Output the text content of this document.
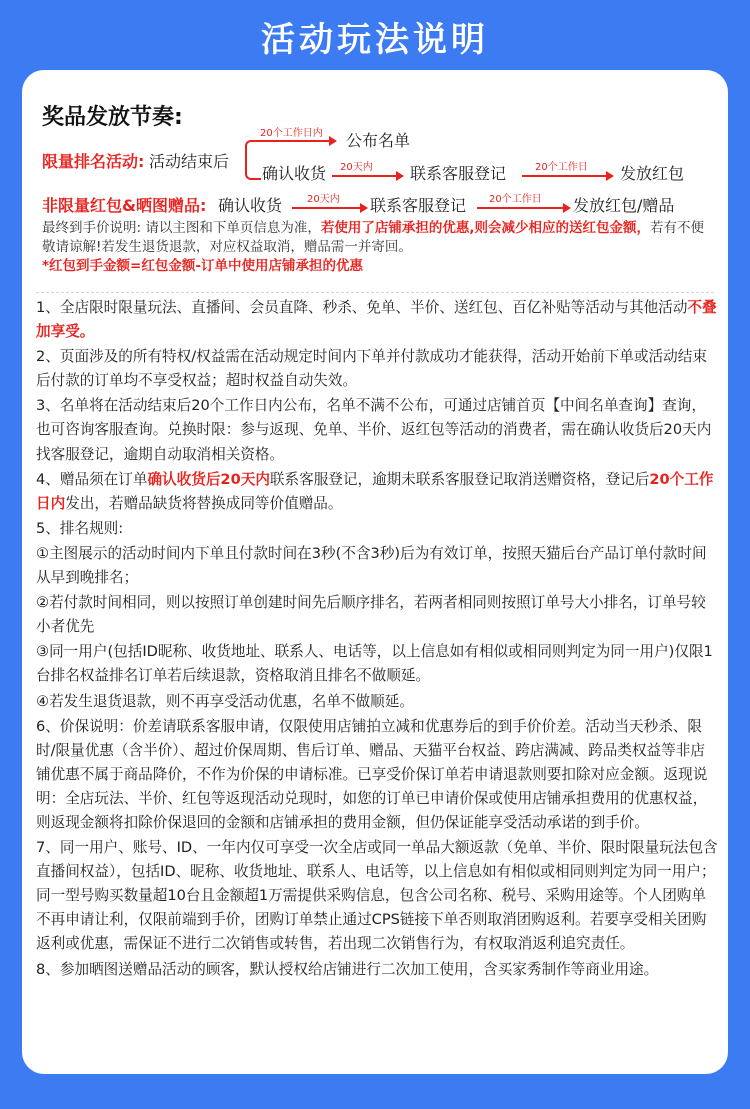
活动玩法说明
奖品发放节奏:
限量排名活动: 活动结束后
20个工作日内 公布名单
确认收货 20天内 联系客服登记	20个工作日 发放红包
非限量红包&晒图赠品: 确认收货 20天内 联系客服登记 20个工作日 发放红包/赠品
最终到手价说明: 请以主图和下单页信息为准，若使用了店铺承担的优惠,则会减少相应的送红包金额，若有不便敬请谅解!若发生退货退款，对应权益取消，赠品需一并寄回。
*红包到手金额=红包金额-订单中使用店铺承担的优惠

1、全店限时限量玩法、直播间、会员直降、秒杀、免单、半价、送红包、百亿补贴等活动与其他活动不叠加享受。

2、页面涉及的所有特权/权益需在活动规定时间内下单并付款成功才能获得，活动开始前下单或活动结束后付款的订单均不享受权益；超时权益自动失效。

3、名单将在活动结束后20个工作日内公布，名单不满不公布，可通过店铺首页【中间名单查询】查询，也可咨询客服查询。兑换时限：参与返现、免单、半价、返红包等活动的消费者，需在确认收货后20天内找客服登记，逾期自动取消相关资格。

4、赠品须在订单确认收货后20天内联系客服登记，逾期未联系客服登记取消送赠资格，登记后20个工作日内发出，若赠品缺货将替换成同等价值赠品。

5、排名规则:

①主图展示的活动时间内下单且付款时间在3秒(不含3秒)后为有效订单，按照天猫后台产品订单付款时间从早到晚排名；

②若付款时间相同，则以按照订单创建时间先后顺序排名，若两者相同则按照订单号大小排名，订单号较小者优先

③同一用户(包括ID昵称、收货地址、联系人、电话等，以上信息如有相似或相同则判定为同一用户)仅限1台排名权益排名订单若后续退款，资格取消且排名不做顺延。

④若发生退货退款，则不再享受活动优惠，名单不做顺延。

6、价保说明：价差请联系客服申请，仅限使用店铺拍立减和优惠券后的到手价价差。活动当天秒杀、限时/限量优惠（含半价）、超过价保周期、售后订单、赠品、天猫平台权益、跨店满减、跨品类权益等非店铺优惠不属于商品降价，不作为价保的申请标准。已享受价保订单若申请退款则要扣除对应金额。返现说明：全店玩法、半价、红包等返现活动兑现时，如您的订单已申请价保或使用店铺承担费用的优惠权益，则返现金额将扣除价保退回的金额和店铺承担的费用金额，但仍保证能享受活动承诺的到手价。

7、同一用户、账号、ID、一年内仅可享受一次全店或同一单品大额返款（免单、半价、限时限量玩法包含直播间权益），包括ID、昵称、收货地址、联系人、电话等，以上信息如有相似或相同则判定为同一用户；同一型号购买数量超10台且金额超1万需提供采购信息，包含公司名称、税号、采购用途等。个人团购单不再申请让利，仅限前端到手价，团购订单禁止通过CPS链接下单否则取消团购返利。若要享受相关团购返利或优惠，需保证不进行二次销售或转售，若出现二次销售行为，有权取消返利追究责任。

8、参加晒图送赠品活动的顾客，默认授权给店铺进行二次加工使用，含买家秀制作等商业用途。
